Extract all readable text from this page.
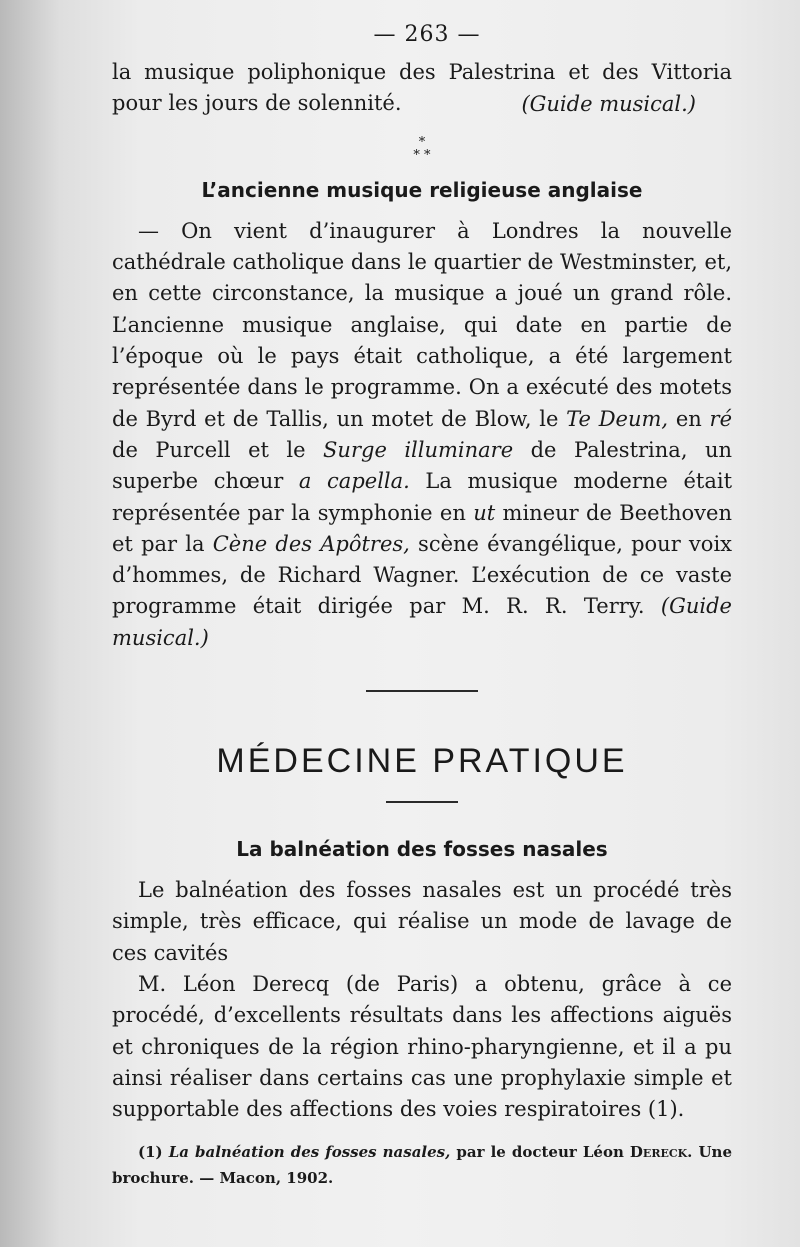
— 263 —

la musique poliphonique des Palestrina et des Vittoria pour les jours de solennité.	(Guide musical.)

*
* *
L’ancienne musique religieuse anglaise

— On vient d’inaugurer à Londres la nouvelle cathédrale catholique dans le quartier de Westminster, et, en cette circonstance, la musique a joué un grand rôle. L’ancienne musique anglaise, qui date en partie de l’époque où le pays était catholique, a été largement représentée dans le programme. On a exécuté des motets de Byrd et de Tallis, un motet de Blow, le Te Deum, en ré de Purcell et le Surge illuminare de Palestrina, un superbe chœur a capella. La musique moderne était représentée par la symphonie en ut mineur de Beethoven et par la Cène des Apôtres, scène évangélique, pour voix d’hommes, de Richard Wagner. L’exécution de ce vaste programme était dirigée par M. R. R. Terry. (Guide musical.)

MÉDECINE PRATIQUE
La balnéation des fosses nasales

Le balnéation des fosses nasales est un procédé très simple, très efficace, qui réalise un mode de lavage de ces cavités

M. Léon Derecq (de Paris) a obtenu, grâce à ce procédé, d’excellents résultats dans les affections aiguës et chroniques de la région rhino-pharyngienne, et il a pu ainsi réaliser dans certains cas une prophylaxie simple et supportable des affections des voies respiratoires (1).

(1) La balnéation des fosses nasales, par le docteur Léon Dereck. Une brochure. — Macon, 1902.
